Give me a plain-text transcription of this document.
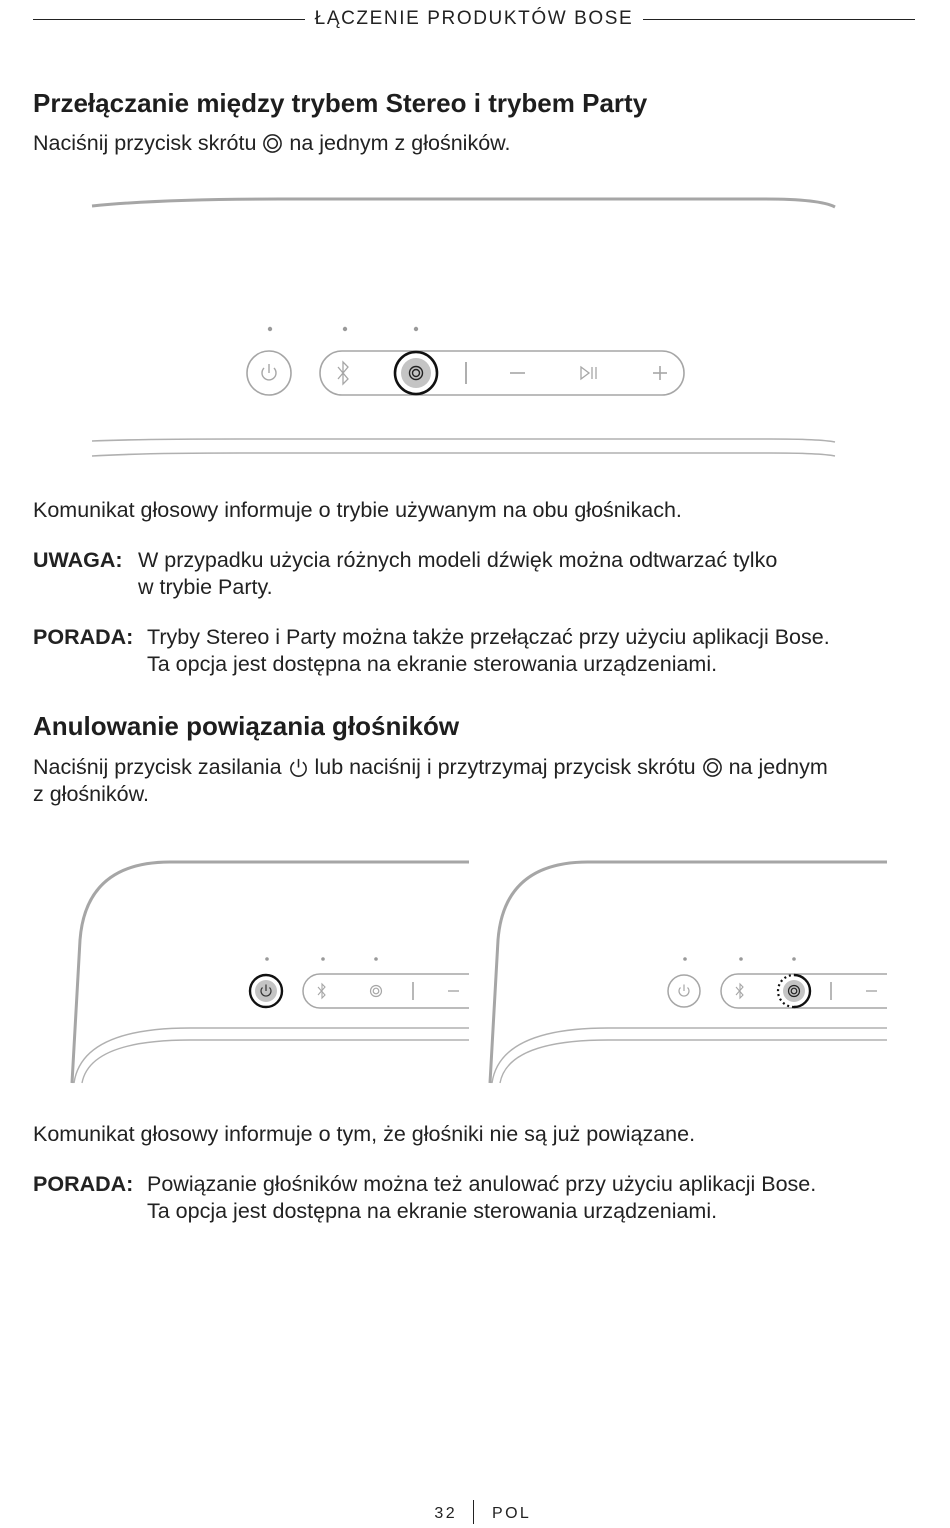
ŁĄCZENIE PRODUKTÓW BOSE
Przełączanie między trybem Stereo i trybem Party

Naciśnij przycisk skrótu na jednym z głośników.

Komunikat głosowy informuje o trybie używanym na obu głośnikach.

UWAGA: W przypadku użycia różnych modeli dźwięk można odtwarzać tylko
w trybie Party.
PORADA: Tryby Stereo i Party można także przełączać przy użyciu aplikacji Bose.
Ta opcja jest dostępna na ekranie sterowania urządzeniami.
Anulowanie powiązania głośników

Naciśnij przycisk zasilania lub naciśnij i przytrzymaj przycisk skrótu na jednym
z głośników.

Komunikat głosowy informuje o tym, że głośniki nie są już powiązane.

PORADA: Powiązanie głośników można też anulować przy użyciu aplikacji Bose.
Ta opcja jest dostępna na ekranie sterowania urządzeniami.
32 POL
